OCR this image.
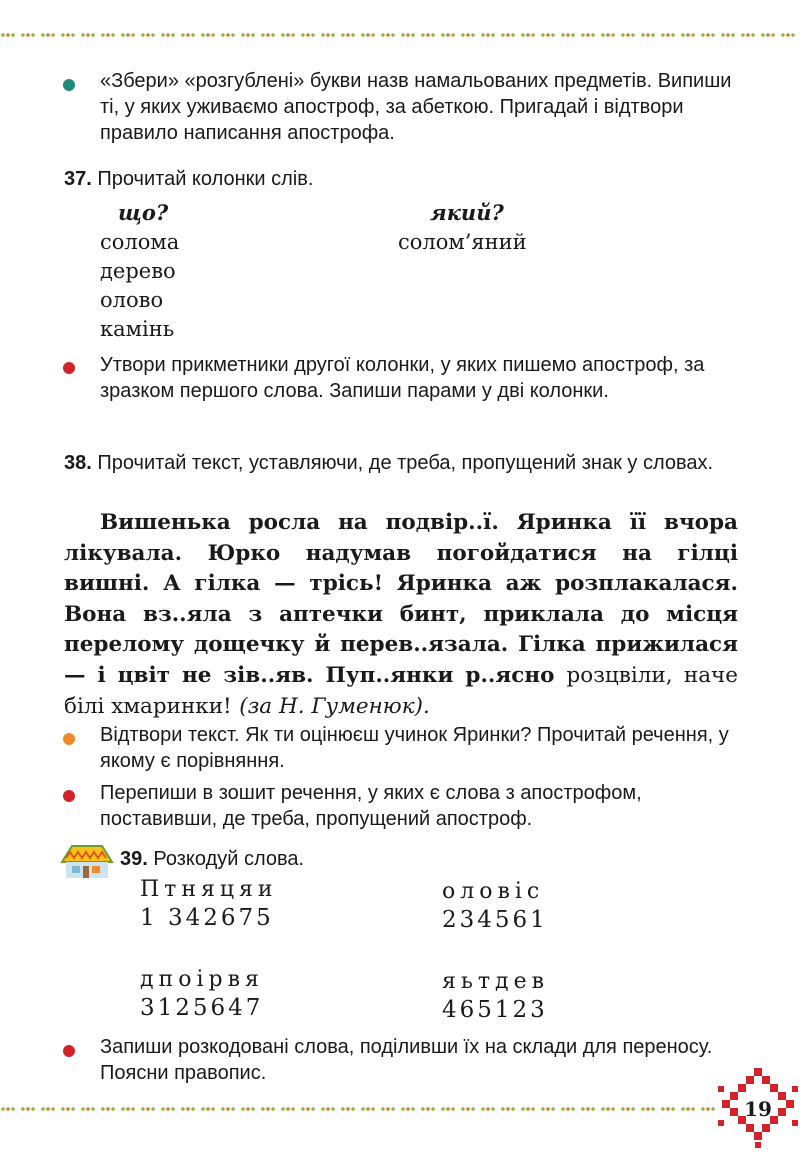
«Збери» «розгублені» букви назв намальованих предметів. Випиши ті, у яких уживаємо апостроф, за абеткою. Пригадай і відтвори правило написання апострофа.
37. Прочитай колонки слів.
що?	який?
солома
дерево
олово
камінь
солом’яний
Утвори прикметники другої колонки, у яких пишемо апостроф, за зразком першого слова. Запиши парами у дві колонки.
38. Прочитай текст, уставляючи, де треба, пропущений знак у словах.
Вишенька росла на подвір..ї. Яринка її вчора лікувала. Юрко надумав погойдатися на гілці вишні. А гілка — трісь! Яринка аж розплакалася. Вона вз..яла з аптечки бинт, приклала до місця перелому дощечку й перев..язала. Гілка прижилася — і цвіт не зів..яв. Пуп..янки р..ясно розцвіли, наче білі хмаринки! (за Н. Гуменюк).
Відтвори текст. Як ти оцінюєш учинок Яринки? Прочитай речення, у якому є порівняння.
Перепиши в зошит речення, у яких є слова з апострофом, поставивши, де треба, пропущений апостроф.
39. Розкодуй слова.
Птняцяи
1 342675
оловіс
234561
дпоірвя
3125647
яьтдев
465123
Запиши розкодовані слова, поділивши їх на склади для переносу. Поясни правопис.
19
